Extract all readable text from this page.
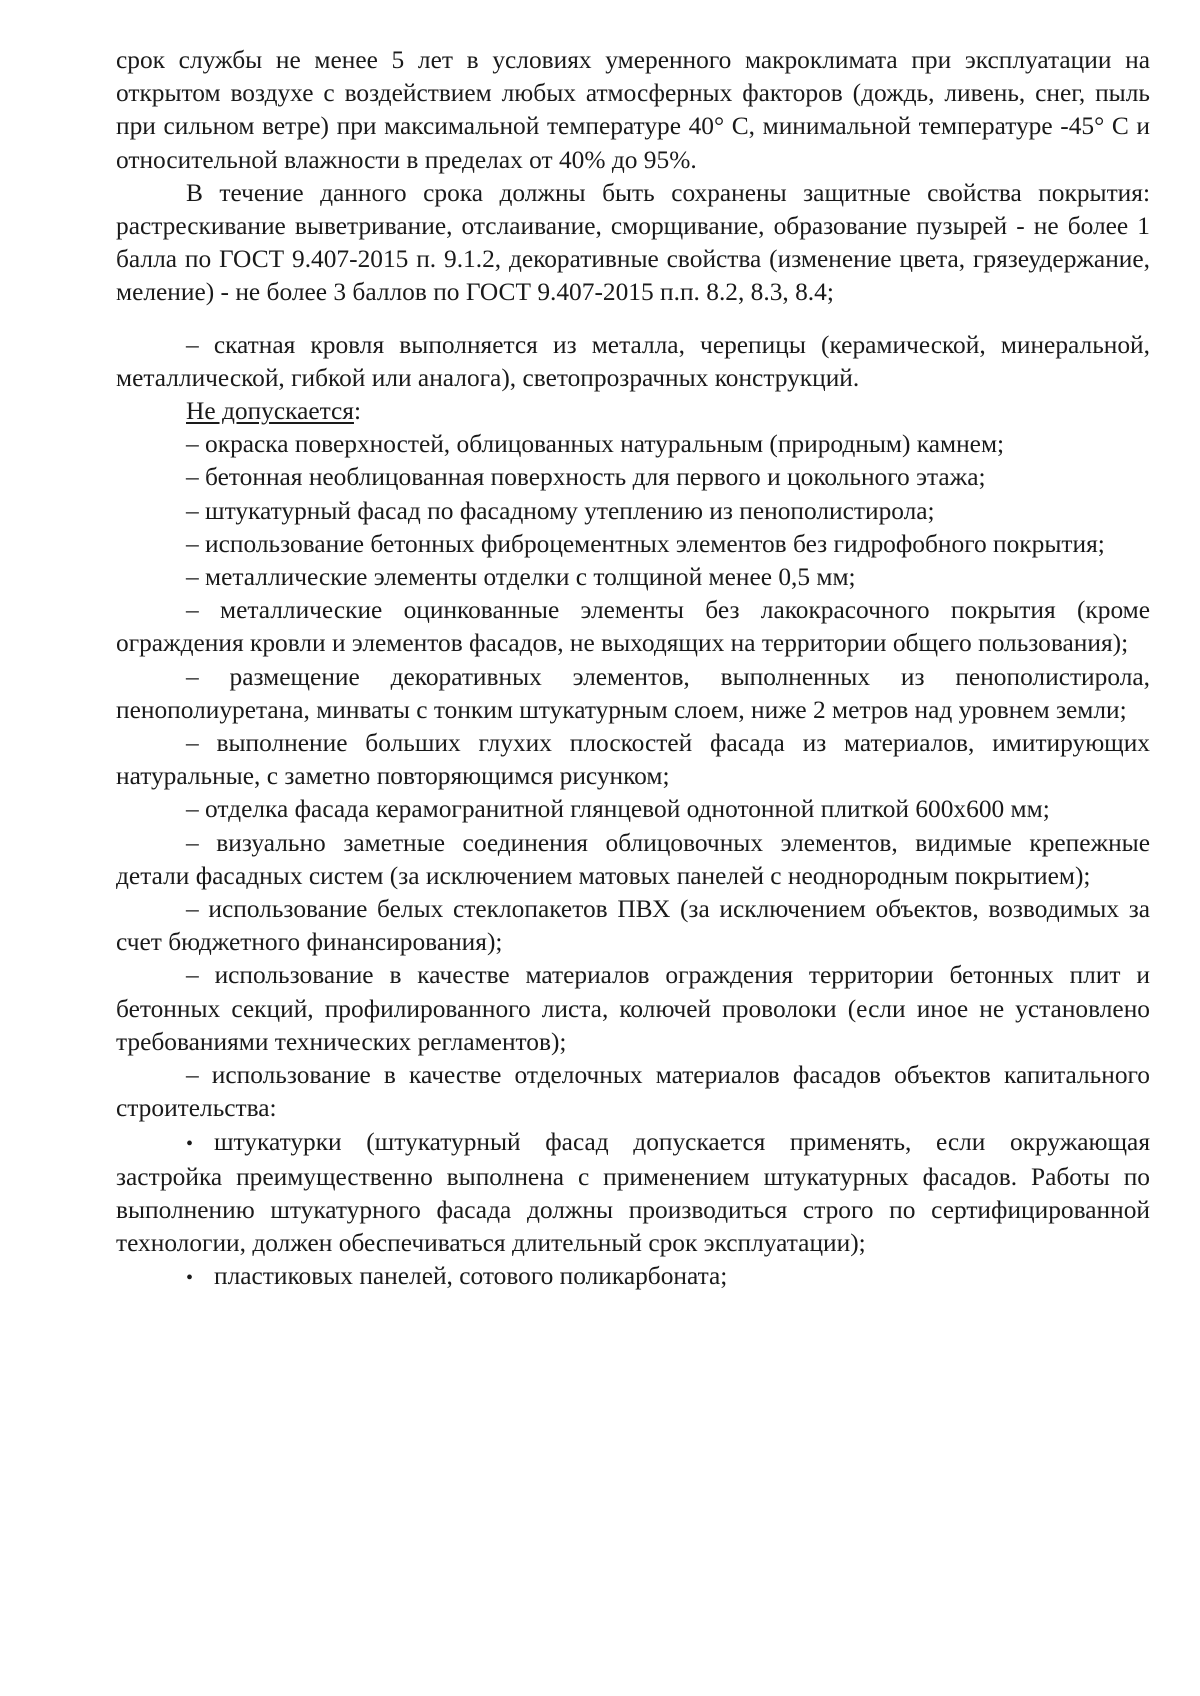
срок службы не менее 5 лет в условиях умеренного макроклимата при эксплуатации на открытом воздухе с воздействием любых атмосферных факторов (дождь, ливень, снег, пыль при сильном ветре) при максимальной температуре 40° С, минимальной температуре -45° С и относительной влажности в пределах от 40% до 95%.

В течение данного срока должны быть сохранены защитные свойства покрытия: растрескивание выветривание, отслаивание, сморщивание, образование пузырей - не более 1 балла по ГОСТ 9.407-2015 п. 9.1.2, декоративные свойства (изменение цвета, грязеудержание, меление) - не более 3 баллов по ГОСТ 9.407-2015 п.п. 8.2, 8.3, 8.4;

– скатная кровля выполняется из металла, черепицы (керамической, минеральной, металлической, гибкой или аналога), светопрозрачных конструкций.

Не допускается:

– окраска поверхностей, облицованных натуральным (природным) камнем;

– бетонная необлицованная поверхность для первого и цокольного этажа;

– штукатурный фасад по фасадному утеплению из пенополистирола;

– использование бетонных фиброцементных элементов без гидрофобного покрытия;

– металлические элементы отделки с толщиной менее 0,5 мм;

– металлические оцинкованные элементы без лакокрасочного покрытия (кроме ограждения кровли и элементов фасадов, не выходящих на территории общего пользования);

– размещение декоративных элементов, выполненных из пенополистирола, пенополиуретана, минваты с тонким штукатурным слоем, ниже 2 метров над уровнем земли;

– выполнение больших глухих плоскостей фасада из материалов, имитирующих натуральные, с заметно повторяющимся рисунком;

– отделка фасада керамогранитной глянцевой однотонной плиткой 600х600 мм;

– визуально заметные соединения облицовочных элементов, видимые крепежные детали фасадных систем (за исключением матовых панелей с неоднородным покрытием);

– использование белых стеклопакетов ПВХ (за исключением объектов, возводимых за счет бюджетного финансирования);

– использование в качестве материалов ограждения территории бетонных плит и бетонных секций, профилированного листа, колючей проволоки (если иное не установлено требованиями технических регламентов);

– использование в качестве отделочных материалов фасадов объектов капитального строительства:

• штукатурки (штукатурный фасад допускается применять, если окружающая застройка преимущественно выполнена с применением штукатурных фасадов. Работы по выполнению штукатурного фасада должны производиться строго по сертифицированной технологии, должен обеспечиваться длительный срок эксплуатации);

• пластиковых панелей, сотового поликарбоната;
